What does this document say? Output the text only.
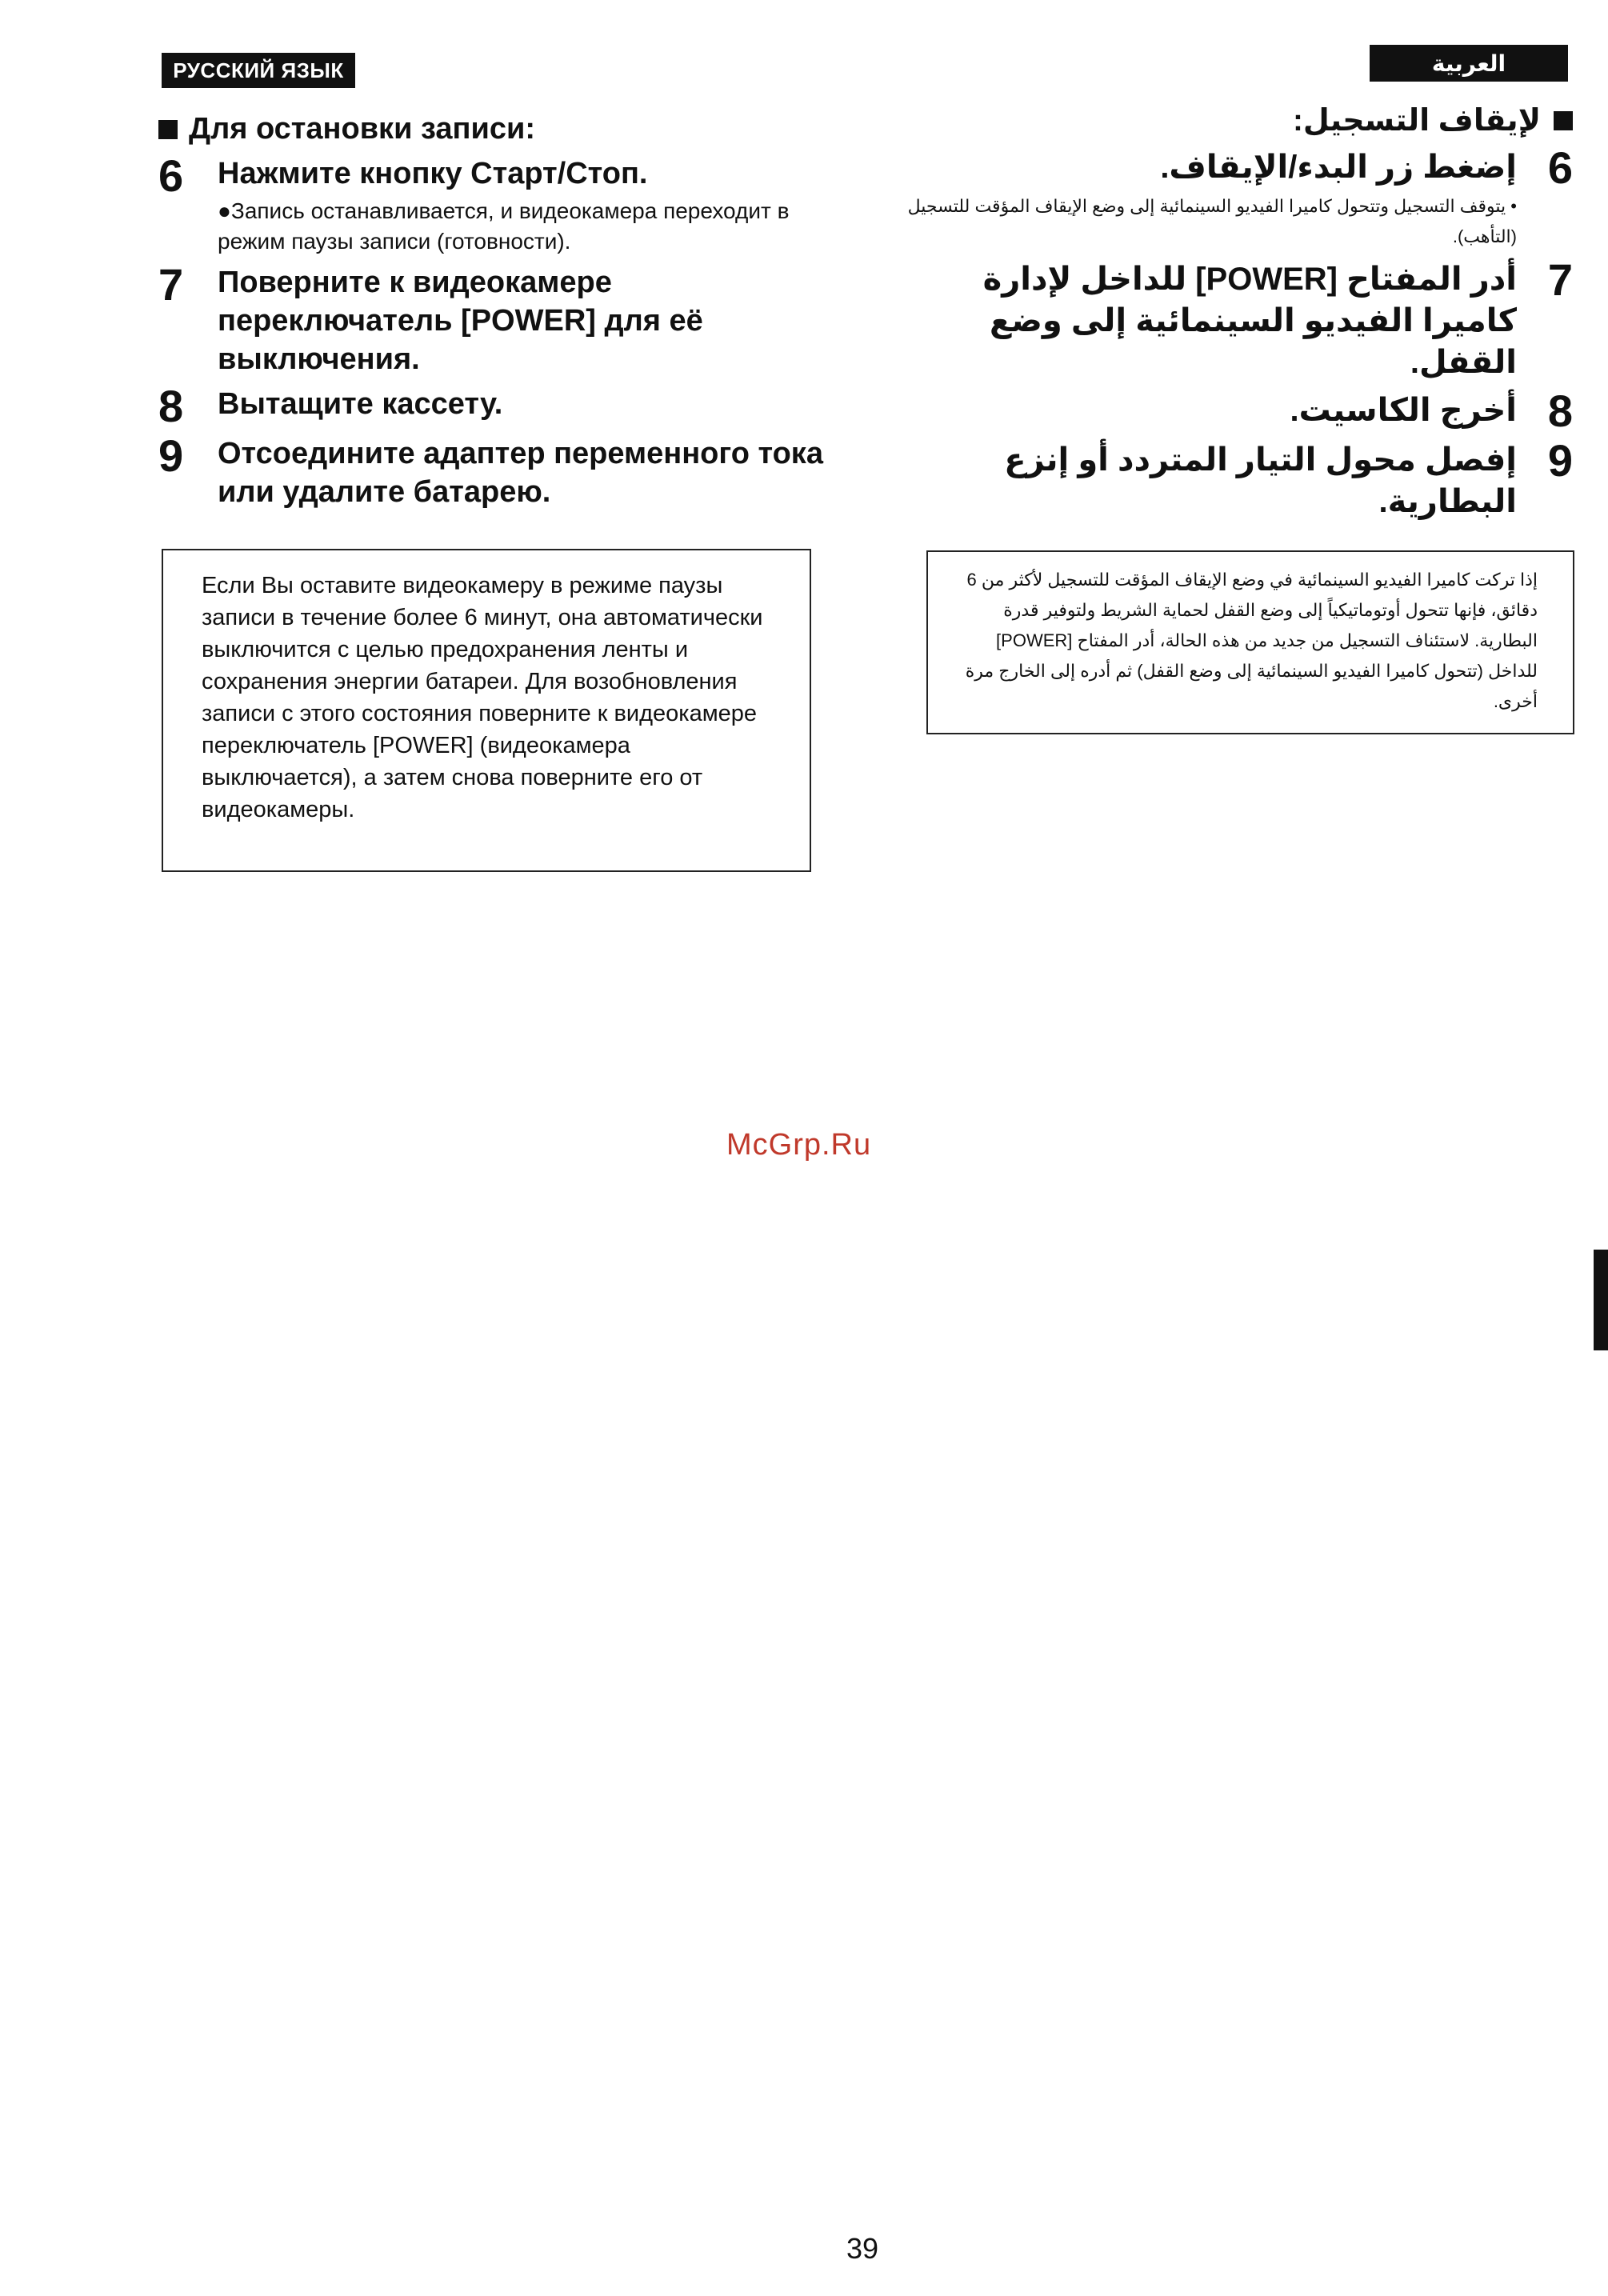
РУССКИЙ ЯЗЫК	العربية
Для остановки записи:
6	Нажмите кнопку Старт/Стоп.
●Запись останавливается, и видеокамера переходит в режим паузы записи (готовности).
7	Поверните к видеокамере переключатель [POWER] для её выключения.
8	Вытащите кассету.
9	Отсоедините адаптер переменного тока или удалите батарею.
Если Вы оставите видеокамеру в режиме паузы записи в течение более 6 минут, она автоматически выключится с целью предохранения ленты и сохранения энергии батареи. Для возобновления записи с этого состояния поверните к видеокамере переключатель [POWER] (видеокамера выключается), а затем снова поверните его от видеокамеры.
لإيقاف التسجيل:
6
إضغط زر البدء/الإيقاف.
• يتوقف التسجيل وتتحول كاميرا الفيديو السينمائية إلى وضع الإيقاف المؤقت للتسجيل (التأهب).
7
أدر المفتاح [POWER] للداخل لإدارة كاميرا الفيديو السينمائية إلى وضع القفل.
8
أخرج الكاسيت.
9
إفصل محول التيار المتردد أو إنزع البطارية.
إذا تركت كاميرا الفيديو السينمائية في وضع الإيقاف المؤقت للتسجيل لأكثر من 6 دقائق، فإنها تتحول أوتوماتيكياً إلى وضع القفل لحماية الشريط ولتوفير قدرة البطارية. لاستئناف التسجيل من جديد من هذه الحالة، أدر المفتاح [POWER] للداخل (تتحول كاميرا الفيديو السينمائية إلى وضع القفل) ثم أدره إلى الخارج مرة أخرى.
McGrp.Ru
39
